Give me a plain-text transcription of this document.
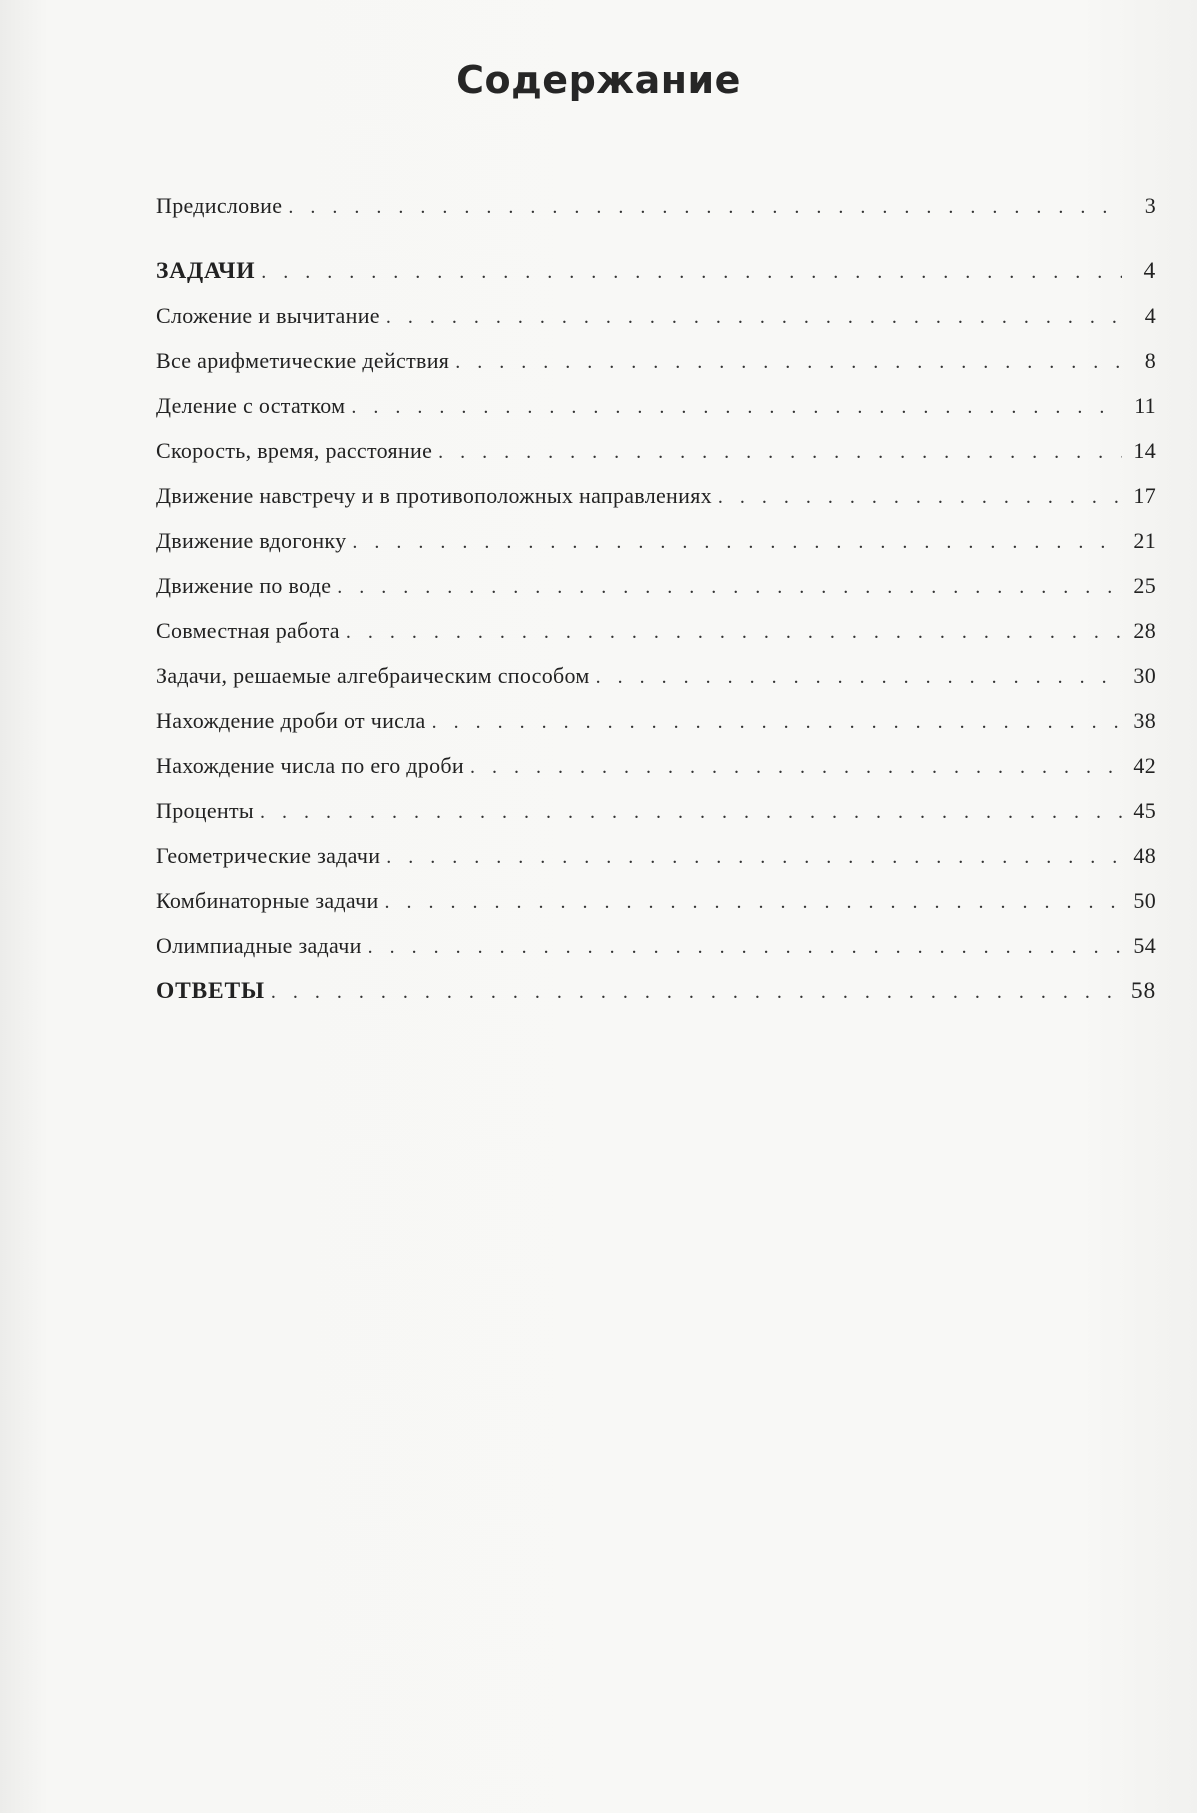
Содержание
Предисловие . . .	3
ЗАДАЧИ . . .	4
Сложение и вычитание . . .	4
Все арифметические действия . . .	8
Деление с остатком . . .	11
Скорость, время, расстояние . . .	14
Движение навстречу и в противоположных направлениях . . .	17
Движение вдогонку . . .	21
Движение по воде . . .	25
Совместная работа . . .	28
Задачи, решаемые алгебраическим способом . . .	30
Нахождение дроби от числа . . .	38
Нахождение числа по его дроби . . .	42
Проценты . . .	45
Геометрические задачи . . .	48
Комбинаторные задачи . . .	50
Олимпиадные задачи . . .	54
ОТВЕТЫ . . .	58
